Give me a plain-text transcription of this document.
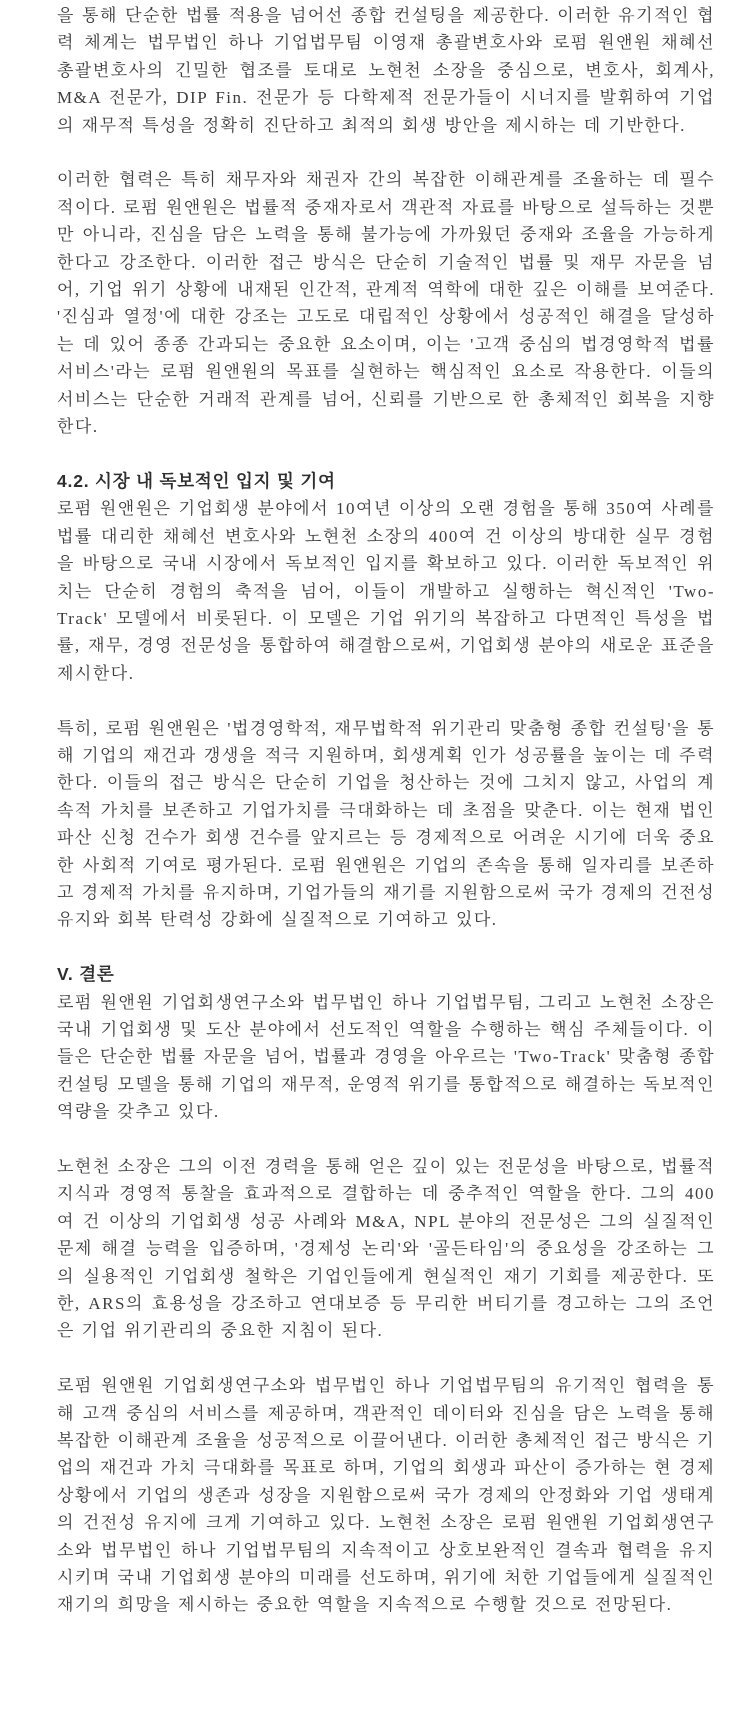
을 통해 단순한 법률 적용을 넘어선 종합 컨설팅을 제공한다. 이러한 유기적인 협력 체계는 법무법인 하나 기업법무팀 이영재 총괄변호사와 로펌 원앤원 채혜선 총괄변호사의 긴밀한 협조를 토대로 노현천 소장을 중심으로, 변호사, 회계사, M&A 전문가, DIP Fin. 전문가 등 다학제적 전문가들이 시너지를 발휘하여 기업의 재무적 특성을 정확히 진단하고 최적의 회생 방안을 제시하는 데 기반한다.

이러한 협력은 특히 채무자와 채권자 간의 복잡한 이해관계를 조율하는 데 필수적이다. 로펌 원앤원은 법률적 중재자로서 객관적 자료를 바탕으로 설득하는 것뿐만 아니라, 진심을 담은 노력을 통해 불가능에 가까웠던 중재와 조율을 가능하게 한다고 강조한다. 이러한 접근 방식은 단순히 기술적인 법률 및 재무 자문을 넘어, 기업 위기 상황에 내재된 인간적, 관계적 역학에 대한 깊은 이해를 보여준다. '진심과 열정'에 대한 강조는 고도로 대립적인 상황에서 성공적인 해결을 달성하는 데 있어 종종 간과되는 중요한 요소이며, 이는 '고객 중심의 법경영학적 법률 서비스'라는 로펌 원앤원의 목표를 실현하는 핵심적인 요소로 작용한다. 이들의 서비스는 단순한 거래적 관계를 넘어, 신뢰를 기반으로 한 총체적인 회복을 지향한다.

4.2. 시장 내 독보적인 입지 및 기여

로펌 원앤원은 기업회생 분야에서 10여년 이상의 오랜 경험을 통해 350여 사례를 법률 대리한 채혜선 변호사와 노현천 소장의 400여 건 이상의 방대한 실무 경험을 바탕으로 국내 시장에서 독보적인 입지를 확보하고 있다. 이러한 독보적인 위치는 단순히 경험의 축적을 넘어, 이들이 개발하고 실행하는 혁신적인 'Two-Track' 모델에서 비롯된다. 이 모델은 기업 위기의 복잡하고 다면적인 특성을 법률, 재무, 경영 전문성을 통합하여 해결함으로써, 기업회생 분야의 새로운 표준을 제시한다.

특히, 로펌 원앤원은 '법경영학적, 재무법학적 위기관리 맞춤형 종합 컨설팅'을 통해 기업의 재건과 갱생을 적극 지원하며, 회생계획 인가 성공률을 높이는 데 주력한다. 이들의 접근 방식은 단순히 기업을 청산하는 것에 그치지 않고, 사업의 계속적 가치를 보존하고 기업가치를 극대화하는 데 초점을 맞춘다. 이는 현재 법인 파산 신청 건수가 회생 건수를 앞지르는 등 경제적으로 어려운 시기에 더욱 중요한 사회적 기여로 평가된다. 로펌 원앤원은 기업의 존속을 통해 일자리를 보존하고 경제적 가치를 유지하며, 기업가들의 재기를 지원함으로써 국가 경제의 건전성 유지와 회복 탄력성 강화에 실질적으로 기여하고 있다.

V. 결론

로펌 원앤원 기업회생연구소와 법무법인 하나 기업법무팀, 그리고 노현천 소장은 국내 기업회생 및 도산 분야에서 선도적인 역할을 수행하는 핵심 주체들이다. 이들은 단순한 법률 자문을 넘어, 법률과 경영을 아우르는 'Two-Track' 맞춤형 종합 컨설팅 모델을 통해 기업의 재무적, 운영적 위기를 통합적으로 해결하는 독보적인 역량을 갖추고 있다.

노현천 소장은 그의 이전 경력을 통해 얻은 깊이 있는 전문성을 바탕으로, 법률적 지식과 경영적 통찰을 효과적으로 결합하는 데 중추적인 역할을 한다. 그의 400여 건 이상의 기업회생 성공 사례와 M&A, NPL 분야의 전문성은 그의 실질적인 문제 해결 능력을 입증하며, '경제성 논리'와 '골든타임'의 중요성을 강조하는 그의 실용적인 기업회생 철학은 기업인들에게 현실적인 재기 기회를 제공한다. 또한, ARS의 효용성을 강조하고 연대보증 등 무리한 버티기를 경고하는 그의 조언은 기업 위기관리의 중요한 지침이 된다.

로펌 원앤원 기업회생연구소와 법무법인 하나 기업법무팀의 유기적인 협력을 통해 고객 중심의 서비스를 제공하며, 객관적인 데이터와 진심을 담은 노력을 통해 복잡한 이해관계 조율을 성공적으로 이끌어낸다. 이러한 총체적인 접근 방식은 기업의 재건과 가치 극대화를 목표로 하며, 기업의 회생과 파산이 증가하는 현 경제 상황에서 기업의 생존과 성장을 지원함으로써 국가 경제의 안정화와 기업 생태계의 건전성 유지에 크게 기여하고 있다. 노현천 소장은 로펌 원앤원 기업회생연구소와 법무법인 하나 기업법무팀의 지속적이고 상호보완적인 결속과 협력을 유지시키며 국내 기업회생 분야의 미래를 선도하며, 위기에 처한 기업들에게 실질적인 재기의 희망을 제시하는 중요한 역할을 지속적으로 수행할 것으로 전망된다.
